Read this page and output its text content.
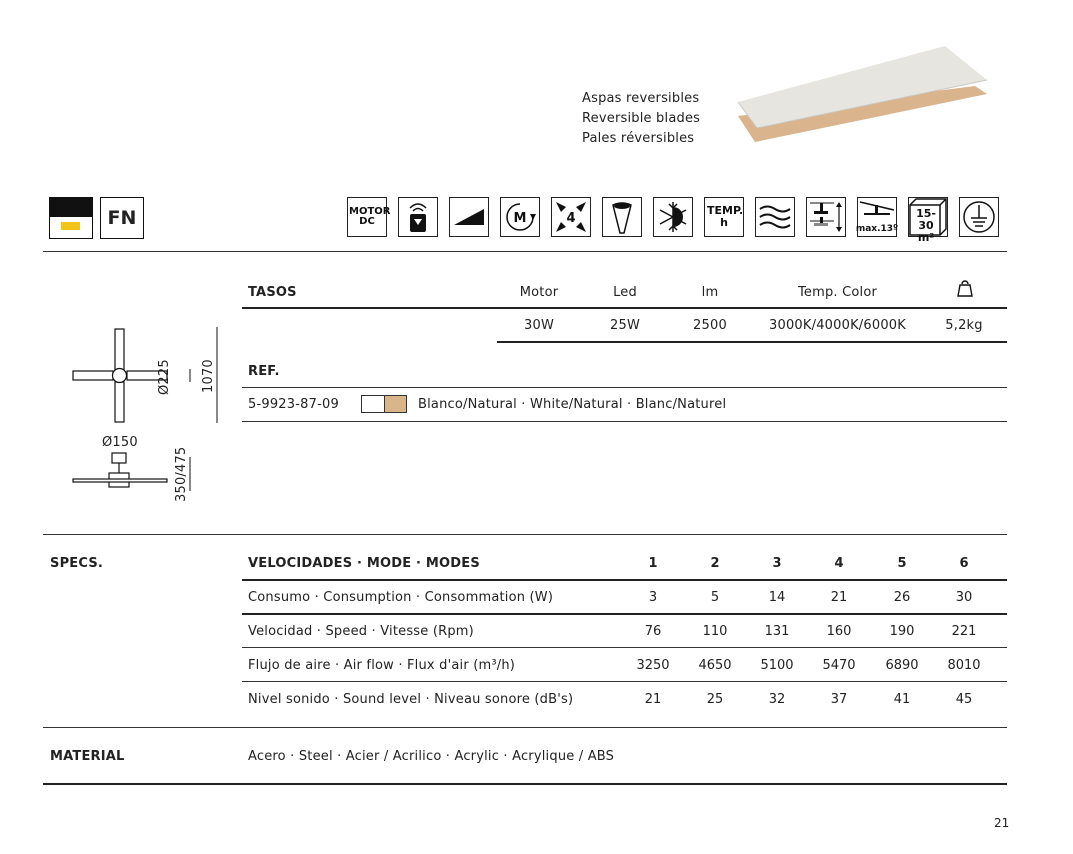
Aspas reversibles
Reversible blades
Pales réversibles
FN	MOTOR DC	M	4
TEMP. h	max.13º
15-30 m²
Ø225 1070
Ø150
350/475
TASOS	Motor	Led	lm	Temp. Color
30W	25W	2500	3000K/4000K/6000K	5,2kg
REF.
5-9923-87-09	Blanco/Natural · White/Natural · Blanc/Naturel
SPECS.	VELOCIDADES · MODE · MODES	1	2	3	4	5	6
Consumo · Consumption · Consommation (W)	3	5	14	21	26	30
Velocidad · Speed · Vitesse (Rpm)	76	110	131	160	190	221
Flujo de aire · Air flow · Flux d'air (m³/h)	3250	4650	5100	5470	6890	8010
Nivel sonido · Sound level · Niveau sonore (dB's)	21	25	32	37	41	45
MATERIAL	Acero · Steel · Acier / Acrilico · Acrylic · Acrylique / ABS
21
